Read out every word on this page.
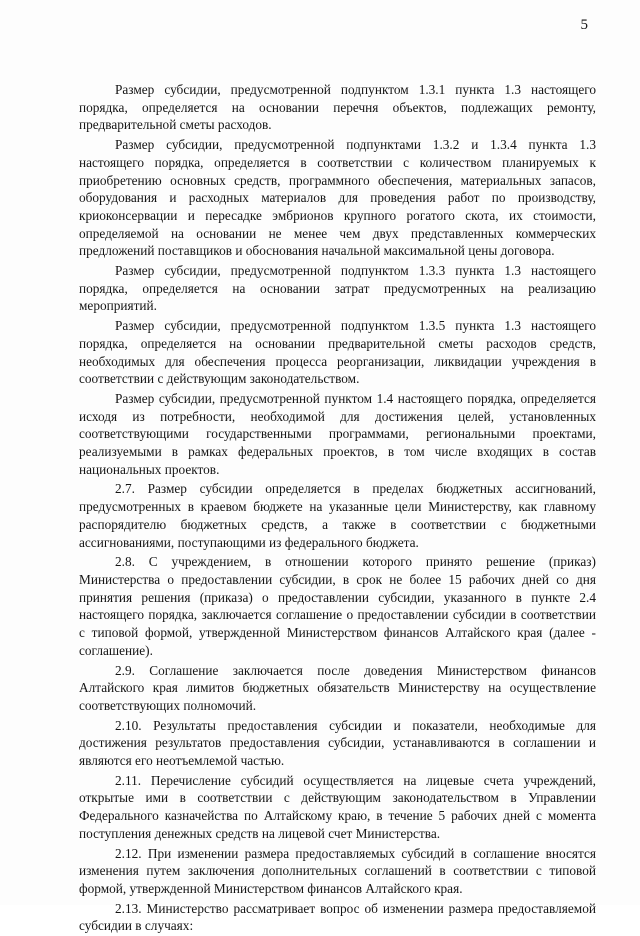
5

Размер субсидии, предусмотренной подпунктом 1.3.1 пункта 1.3 настоящего порядка, определяется на основании перечня объектов, подлежащих ремонту, предварительной сметы расходов.

Размер субсидии, предусмотренной подпунктами 1.3.2 и 1.3.4 пункта 1.3 настоящего порядка, определяется в соответствии с количеством планируемых к приобретению основных средств, программного обеспечения, материальных запасов, оборудования и расходных материалов для проведения работ по производству, криоконсервации и пересадке эмбрионов крупного рогатого скота, их стоимости, определяемой на основании не менее чем двух представленных коммерческих предложений поставщиков и обоснования начальной максимальной цены договора.

Размер субсидии, предусмотренной подпунктом 1.3.3 пункта 1.3 настоящего порядка, определяется на основании затрат предусмотренных на реализацию мероприятий.

Размер субсидии, предусмотренной подпунктом 1.3.5 пункта 1.3 настоящего порядка, определяется на основании предварительной сметы расходов средств, необходимых для обеспечения процесса реорганизации, ликвидации учреждения в соответствии с действующим законодательством.

Размер субсидии, предусмотренной пунктом 1.4 настоящего порядка, определяется исходя из потребности, необходимой для достижения целей, установленных соответствующими государственными программами, региональными проектами, реализуемыми в рамках федеральных проектов, в том числе входящих в состав национальных проектов.

2.7. Размер субсидии определяется в пределах бюджетных ассигнований, предусмотренных в краевом бюджете на указанные цели Министерству, как главному распорядителю бюджетных средств, а также в соответствии с бюджетными ассигнованиями, поступающими из федерального бюджета.

2.8. С учреждением, в отношении которого принято решение (приказ) Министерства о предоставлении субсидии, в срок не более 15 рабочих дней со дня принятия решения (приказа) о предоставлении субсидии, указанного в пункте 2.4 настоящего порядка, заключается соглашение о предоставлении субсидии в соответствии с типовой формой, утвержденной Министерством финансов Алтайского края (далее - соглашение).

2.9. Соглашение заключается после доведения Министерством финансов Алтайского края лимитов бюджетных обязательств Министерству на осуществление соответствующих полномочий.

2.10. Результаты предоставления субсидии и показатели, необходимые для достижения результатов предоставления субсидии, устанавливаются в соглашении и являются его неотъемлемой частью.

2.11. Перечисление субсидий осуществляется на лицевые счета учреждений, открытые ими в соответствии с действующим законодательством в Управлении Федерального казначейства по Алтайскому краю, в течение 5 рабочих дней с момента поступления денежных средств на лицевой счет Министерства.

2.12. При изменении размера предоставляемых субсидий в соглашение вносятся изменения путем заключения дополнительных соглашений в соответствии с типовой формой, утвержденной Министерством финансов Алтайского края.

2.13. Министерство рассматривает вопрос об изменении размера предоставляемой субсидии в случаях:
